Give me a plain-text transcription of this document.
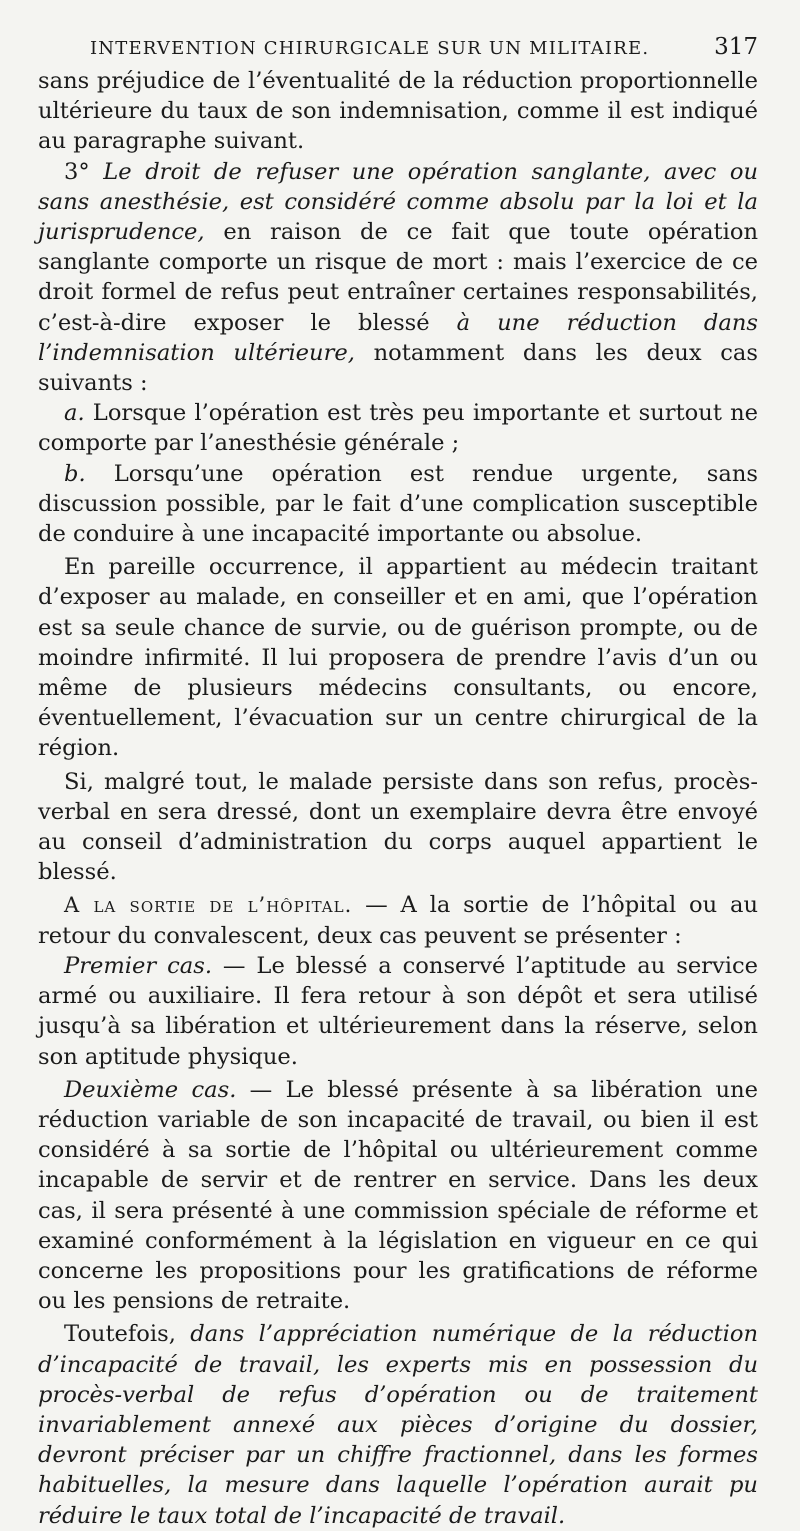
INTERVENTION CHIRURGICALE SUR UN MILITAIRE.	317

sans préjudice de l’éventualité de la réduction proportionnelle ultérieure du taux de son indemnisation, comme il est indiqué au paragraphe suivant.

3° Le droit de refuser une opération sanglante, avec ou sans anesthésie, est considéré comme absolu par la loi et la jurisprudence, en raison de ce fait que toute opération sanglante comporte un risque de mort : mais l’exercice de ce droit formel de refus peut entraîner certaines responsabilités, c’est-à-dire exposer le blessé à une réduction dans l’indemnisation ultérieure, notamment dans les deux cas suivants :

a. Lorsque l’opération est très peu importante et surtout ne comporte par l’anesthésie générale ;

b. Lorsqu’une opération est rendue urgente, sans discussion possible, par le fait d’une complication susceptible de conduire à une incapacité importante ou absolue.

En pareille occurrence, il appartient au médecin traitant d’exposer au malade, en conseiller et en ami, que l’opération est sa seule chance de survie, ou de guérison prompte, ou de moindre infirmité. Il lui proposera de prendre l’avis d’un ou même de plusieurs médecins consultants, ou encore, éventuellement, l’évacuation sur un centre chirurgical de la région.

Si, malgré tout, le malade persiste dans son refus, procès-verbal en sera dressé, dont un exemplaire devra être envoyé au conseil d’administration du corps auquel appartient le blessé.

A la sortie de l’hôpital. — A la sortie de l’hôpital ou au retour du convalescent, deux cas peuvent se présenter :

Premier cas. — Le blessé a conservé l’aptitude au service armé ou auxiliaire. Il fera retour à son dépôt et sera utilisé jusqu’à sa libération et ultérieurement dans la réserve, selon son aptitude physique.

Deuxième cas. — Le blessé présente à sa libération une réduction variable de son incapacité de travail, ou bien il est considéré à sa sortie de l’hôpital ou ultérieurement comme incapable de servir et de rentrer en service. Dans les deux cas, il sera présenté à une commission spéciale de réforme et examiné conformément à la législation en vigueur en ce qui concerne les propositions pour les gratifications de réforme ou les pensions de retraite.

Toutefois, dans l’appréciation numérique de la réduction d’incapacité de travail, les experts mis en possession du procès-verbal de refus d’opération ou de traitement invariablement annexé aux pièces d’origine du dossier, devront préciser par un chiffre fractionnel, dans les formes habituelles, la mesure dans laquelle l’opération aurait pu réduire le taux total de l’incapacité de travail.
